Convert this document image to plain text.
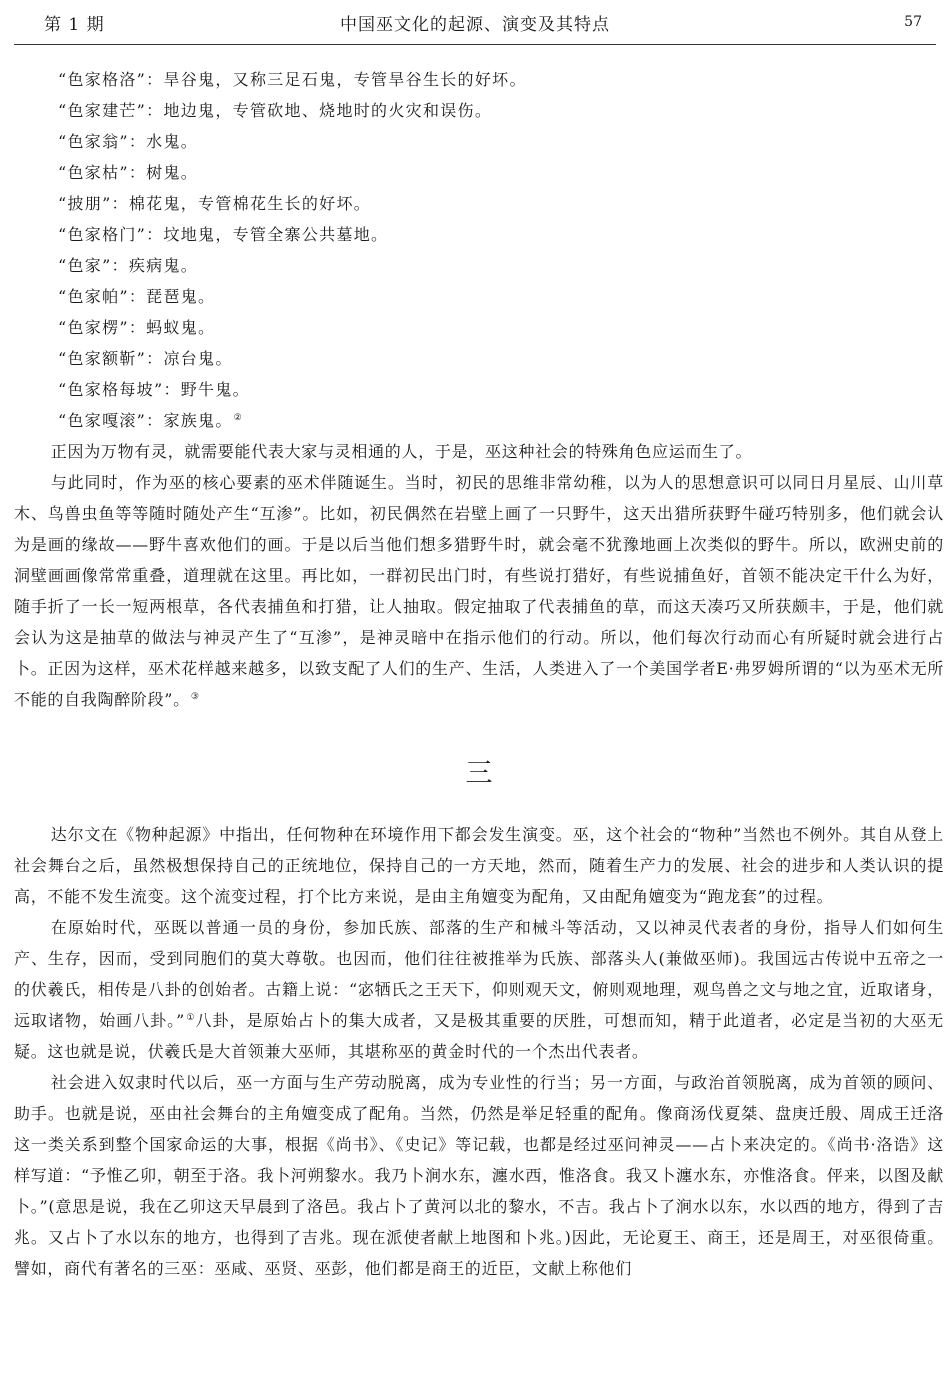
第 1 期	中国巫文化的起源、演变及其特点	57
“色家格洛”：旱谷鬼，又称三足石鬼，专管旱谷生长的好坏。
“色家建芒”：地边鬼，专管砍地、烧地时的火灾和误伤。
“色家翁”：水鬼。
“色家枯”：树鬼。
“披朋”：棉花鬼，专管棉花生长的好坏。
“色家格门”：坟地鬼，专管全寨公共墓地。
“色家”：疾病鬼。
“色家帕”：琵琶鬼。
“色家楞”：蚂蚁鬼。
“色家额靳”：凉台鬼。
“色家格每坡”：野牛鬼。
“色家嘎滚”：家族鬼。②

正因为万物有灵，就需要能代表大家与灵相通的人，于是，巫这种社会的特殊角色应运而生了。

与此同时，作为巫的核心要素的巫术伴随诞生。当时，初民的思维非常幼稚，以为人的思想意识可以同日月星辰、山川草木、鸟兽虫鱼等等随时随处产生“互渗”。比如，初民偶然在岩壁上画了一只野牛，这天出猎所获野牛碰巧特别多，他们就会认为是画的缘故——野牛喜欢他们的画。于是以后当他们想多猎野牛时，就会毫不犹豫地画上次类似的野牛。所以，欧洲史前的洞壁画画像常常重叠，道理就在这里。再比如，一群初民出门时，有些说打猎好，有些说捕鱼好，首领不能决定干什么为好，随手折了一长一短两根草，各代表捕鱼和打猎，让人抽取。假定抽取了代表捕鱼的草，而这天凑巧又所获颇丰，于是，他们就会认为这是抽草的做法与神灵产生了“互渗”，是神灵暗中在指示他们的行动。所以，他们每次行动而心有所疑时就会进行占卜。正因为这样，巫术花样越来越多，以致支配了人们的生产、生活，人类进入了一个美国学者E·弗罗姆所谓的“以为巫术无所不能的自我陶醉阶段”。③

三

达尔文在《物种起源》中指出，任何物种在环境作用下都会发生演变。巫，这个社会的“物种”当然也不例外。其自从登上社会舞台之后，虽然极想保持自己的正统地位，保持自己的一方天地，然而，随着生产力的发展、社会的进步和人类认识的提高，不能不发生流变。这个流变过程，打个比方来说，是由主角嬗变为配角，又由配角嬗变为“跑龙套”的过程。

在原始时代，巫既以普通一员的身份，参加氏族、部落的生产和械斗等活动，又以神灵代表者的身份，指导人们如何生产、生存，因而，受到同胞们的莫大尊敬。也因而，他们往往被推举为氏族、部落头人(兼做巫师)。我国远古传说中五帝之一的伏羲氏，相传是八卦的创始者。古籍上说：“宓牺氏之王天下，仰则观天文，俯则观地理，观鸟兽之文与地之宜，近取诸身，远取诸物，始画八卦。”①八卦，是原始占卜的集大成者，又是极其重要的厌胜，可想而知，精于此道者，必定是当初的大巫无疑。这也就是说，伏羲氏是大首领兼大巫师，其堪称巫的黄金时代的一个杰出代表者。

社会进入奴隶时代以后，巫一方面与生产劳动脱离，成为专业性的行当；另一方面，与政治首领脱离，成为首领的顾问、助手。也就是说，巫由社会舞台的主角嬗变成了配角。当然，仍然是举足轻重的配角。像商汤伐夏桀、盘庚迁殷、周成王迁洛这一类关系到整个国家命运的大事，根据《尚书》、《史记》等记载，也都是经过巫问神灵——占卜来决定的。《尚书·洛诰》这样写道：“予惟乙卯，朝至于洛。我卜河朔黎水。我乃卜涧水东，瀍水西，惟洛食。我又卜瀍水东，亦惟洛食。伻来，以图及献卜。”(意思是说，我在乙卯这天早晨到了洛邑。我占卜了黄河以北的黎水，不吉。我占卜了涧水以东，水以西的地方，得到了吉兆。又占卜了水以东的地方，也得到了吉兆。现在派使者献上地图和卜兆。)因此，无论夏王、商王，还是周王，对巫很倚重。譬如，商代有著名的三巫：巫咸、巫贤、巫彭，他们都是商王的近臣，文献上称他们
